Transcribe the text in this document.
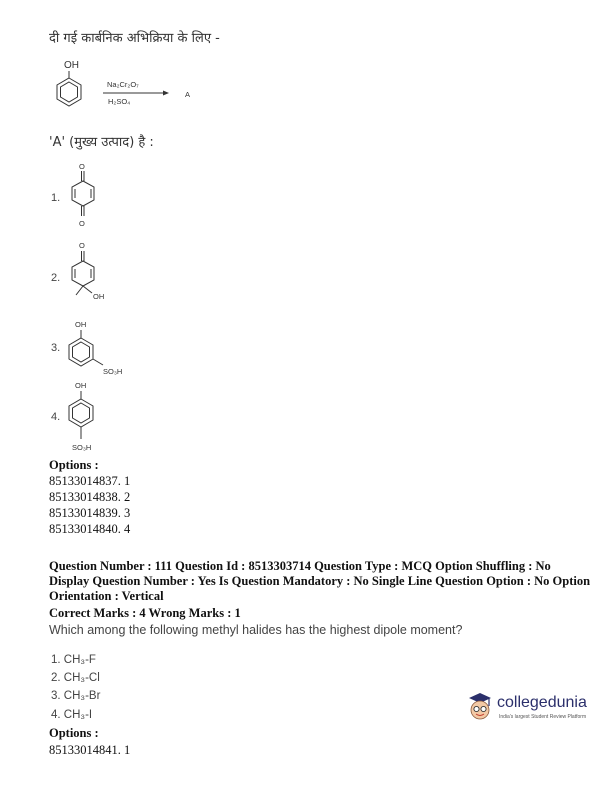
दी गई कार्बनिक अभिक्रिया के लिए -
OH
Na₂Cr₂O₇
H₂SO₄
A
'A' (मुख्य उत्पाद) है :
1.
O
O
2.
O
OH
3.
OH
SO₃H
4.
OH
SO₃H
Options :
85133014837. 1
85133014838. 2
85133014839. 3
85133014840. 4
Question Number : 111 Question Id : 8513303714 Question Type : MCQ Option Shuffling : No
Display Question Number : Yes Is Question Mandatory : No Single Line Question Option : No Option
Orientation : Vertical
Correct Marks : 4 Wrong Marks : 1
Which among the following methyl halides has the highest dipole moment?
1. CH₃-F
2. CH₃-Cl
3. CH₃-Br
4. CH₃-I
Options :
85133014841. 1
collegedunia
India's largest Student Review Platform
